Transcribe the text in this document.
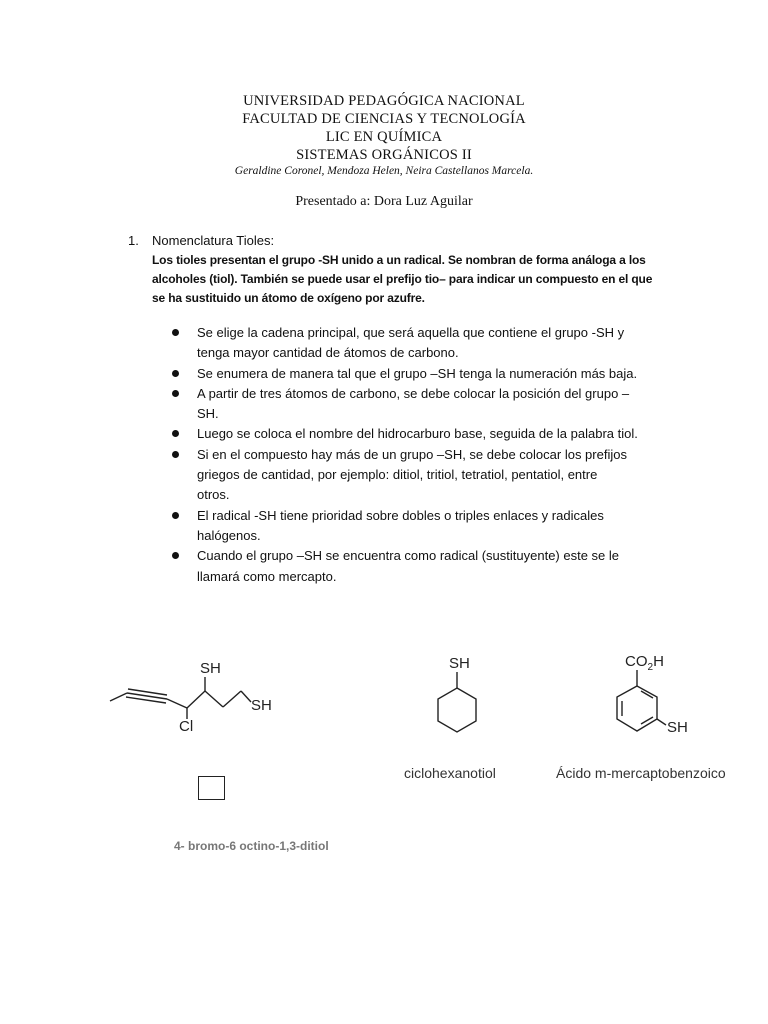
UNIVERSIDAD PEDAGÓGICA NACIONAL
FACULTAD DE CIENCIAS Y TECNOLOGÍA
LIC EN QUÍMICA
SISTEMAS ORGÁNICOS II
Geraldine Coronel, Mendoza Helen, Neira Castellanos Marcela.
Presentado a: Dora Luz Aguilar
1. Nomenclatura Tioles:
Los tioles presentan el grupo -SH unido a un radical. Se nombran de forma análoga a los
alcoholes (tiol). También se puede usar el prefijo tio– para indicar un compuesto en el que
se ha sustituido un átomo de oxígeno por azufre.
Se elige la cadena principal, que será aquella que contiene el grupo -SH y
tenga mayor cantidad de átomos de carbono.
Se enumera de manera tal que el grupo –SH tenga la numeración más baja.
A partir de tres átomos de carbono, se debe colocar la posición del grupo –
SH.
Luego se coloca el nombre del hidrocarburo base, seguida de la palabra tiol.
Si en el compuesto hay más de un grupo –SH, se debe colocar los prefijos
griegos de cantidad, por ejemplo: ditiol, tritiol, tetratiol, pentatiol, entre
otros.
El radical -SH tiene prioridad sobre dobles o triples enlaces y radicales
halógenos.
Cuando el grupo –SH se encuentra como radical (sustituyente) este se le
llamará como mercapto.
SH
SH
Cl
SH	$CO_2H$
SH
ciclohexanotiol	Ácido m-mercaptobenzoico
4- bromo-6 octino-1,3-ditiol
